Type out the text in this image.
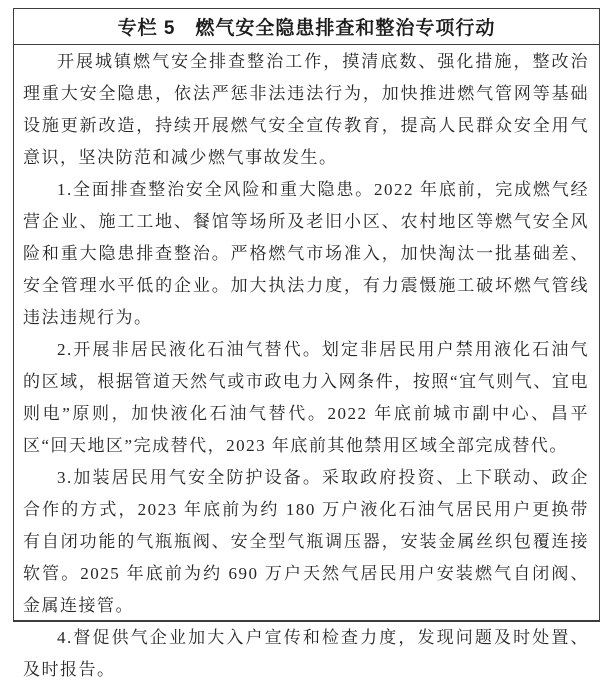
专栏 5　燃气安全隐患排查和整治专项行动

开展城镇燃气安全排查整治工作，摸清底数、强化措施，整改治理重大安全隐患，依法严惩非法违法行为，加快推进燃气管网等基础设施更新改造，持续开展燃气安全宣传教育，提高人民群众安全用气意识，坚决防范和减少燃气事故发生。

1.全面排查整治安全风险和重大隐患。2022 年底前，完成燃气经营企业、施工工地、餐馆等场所及老旧小区、农村地区等燃气安全风险和重大隐患排查整治。严格燃气市场准入，加快淘汰一批基础差、安全管理水平低的企业。加大执法力度，有力震慑施工破坏燃气管线违法违规行为。

2.开展非居民液化石油气替代。划定非居民用户禁用液化石油气的区域，根据管道天然气或市政电力入网条件，按照“宜气则气、宜电则电”原则，加快液化石油气替代。2022 年底前城市副中心、昌平区“回天地区”完成替代，2023 年底前其他禁用区域全部完成替代。

3.加装居民用气安全防护设备。采取政府投资、上下联动、政企合作的方式，2023 年底前为约 180 万户液化石油气居民用户更换带有自闭功能的气瓶瓶阀、安全型气瓶调压器，安装金属丝织包覆连接软管。2025 年底前为约 690 万户天然气居民用户安装燃气自闭阀、金属连接管。

4.督促供气企业加大入户宣传和检查力度，发现问题及时处置、及时报告。
